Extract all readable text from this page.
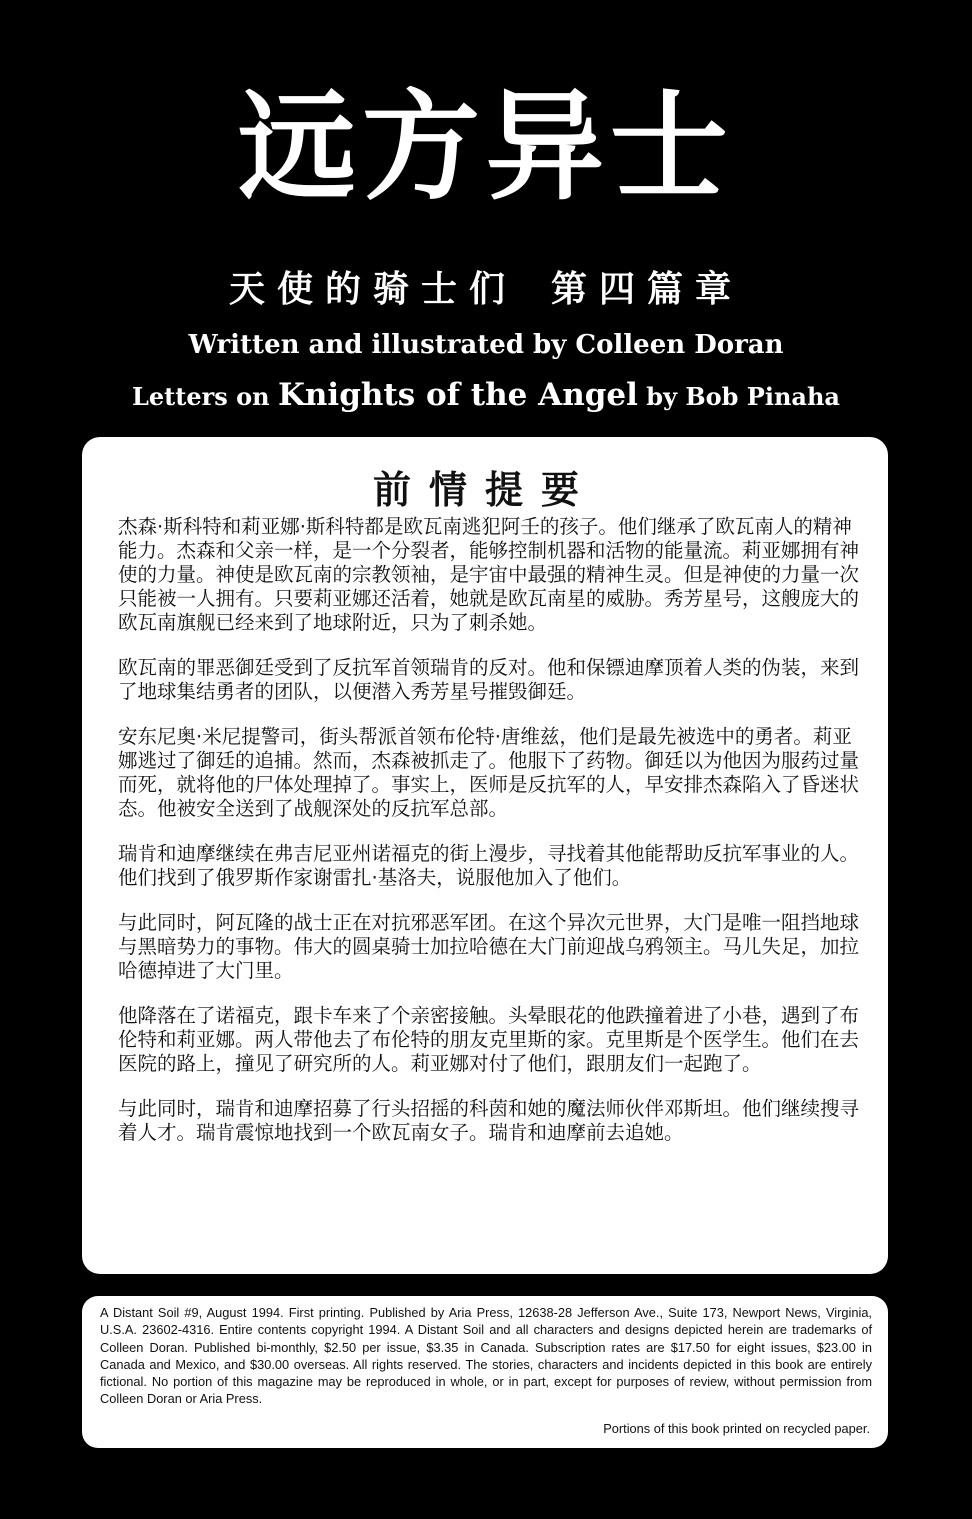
远方异士
天使的骑士们 第四篇章
Written and illustrated by Colleen Doran
Letters on Knights of the Angel by Bob Pinaha
前情提要

杰森·斯科特和莉亚娜·斯科特都是欧瓦南逃犯阿壬的孩子。他们继承了欧瓦南人的精神能力。杰森和父亲一样，是一个分裂者，能够控制机器和活物的能量流。莉亚娜拥有神使的力量。神使是欧瓦南的宗教领袖，是宇宙中最强的精神生灵。但是神使的力量一次只能被一人拥有。只要莉亚娜还活着，她就是欧瓦南星的威胁。秀芳星号，这艘庞大的欧瓦南旗舰已经来到了地球附近，只为了刺杀她。

欧瓦南的罪恶御廷受到了反抗军首领瑞肯的反对。他和保镖迪摩顶着人类的伪装，来到了地球集结勇者的团队，以便潜入秀芳星号摧毁御廷。

安东尼奥·米尼提警司，街头帮派首领布伦特·唐维兹，他们是最先被选中的勇者。莉亚娜逃过了御廷的追捕。然而，杰森被抓走了。他服下了药物。御廷以为他因为服药过量而死，就将他的尸体处理掉了。事实上，医师是反抗军的人，早安排杰森陷入了昏迷状态。他被安全送到了战舰深处的反抗军总部。

瑞肯和迪摩继续在弗吉尼亚州诺福克的街上漫步，寻找着其他能帮助反抗军事业的人。他们找到了俄罗斯作家谢雷扎·基洛夫，说服他加入了他们。

与此同时，阿瓦隆的战士正在对抗邪恶军团。在这个异次元世界，大门是唯一阻挡地球与黑暗势力的事物。伟大的圆桌骑士加拉哈德在大门前迎战乌鸦领主。马儿失足，加拉哈德掉进了大门里。

他降落在了诺福克，跟卡车来了个亲密接触。头晕眼花的他跌撞着进了小巷，遇到了布伦特和莉亚娜。两人带他去了布伦特的朋友克里斯的家。克里斯是个医学生。他们在去医院的路上，撞见了研究所的人。莉亚娜对付了他们，跟朋友们一起跑了。

与此同时，瑞肯和迪摩招募了行头招摇的科茵和她的魔法师伙伴邓斯坦。他们继续搜寻着人才。瑞肯震惊地找到一个欧瓦南女子。瑞肯和迪摩前去追她。

A Distant Soil #9, August 1994. First printing. Published by Aria Press, 12638-28 Jefferson Ave., Suite 173, Newport News, Virginia, U.S.A. 23602-4316. Entire contents copyright 1994. A Distant Soil and all characters and designs depicted herein are trademarks of Colleen Doran. Published bi-monthly, $2.50 per issue, $3.35 in Canada. Subscription rates are $17.50 for eight issues, $23.00 in Canada and Mexico, and $30.00 overseas. All rights reserved. The stories, characters and incidents depicted in this book are entirely fictional. No portion of this magazine may be reproduced in whole, or in part, except for purposes of review, without permission from Colleen Doran or Aria Press.
Portions of this book printed on recycled paper.
